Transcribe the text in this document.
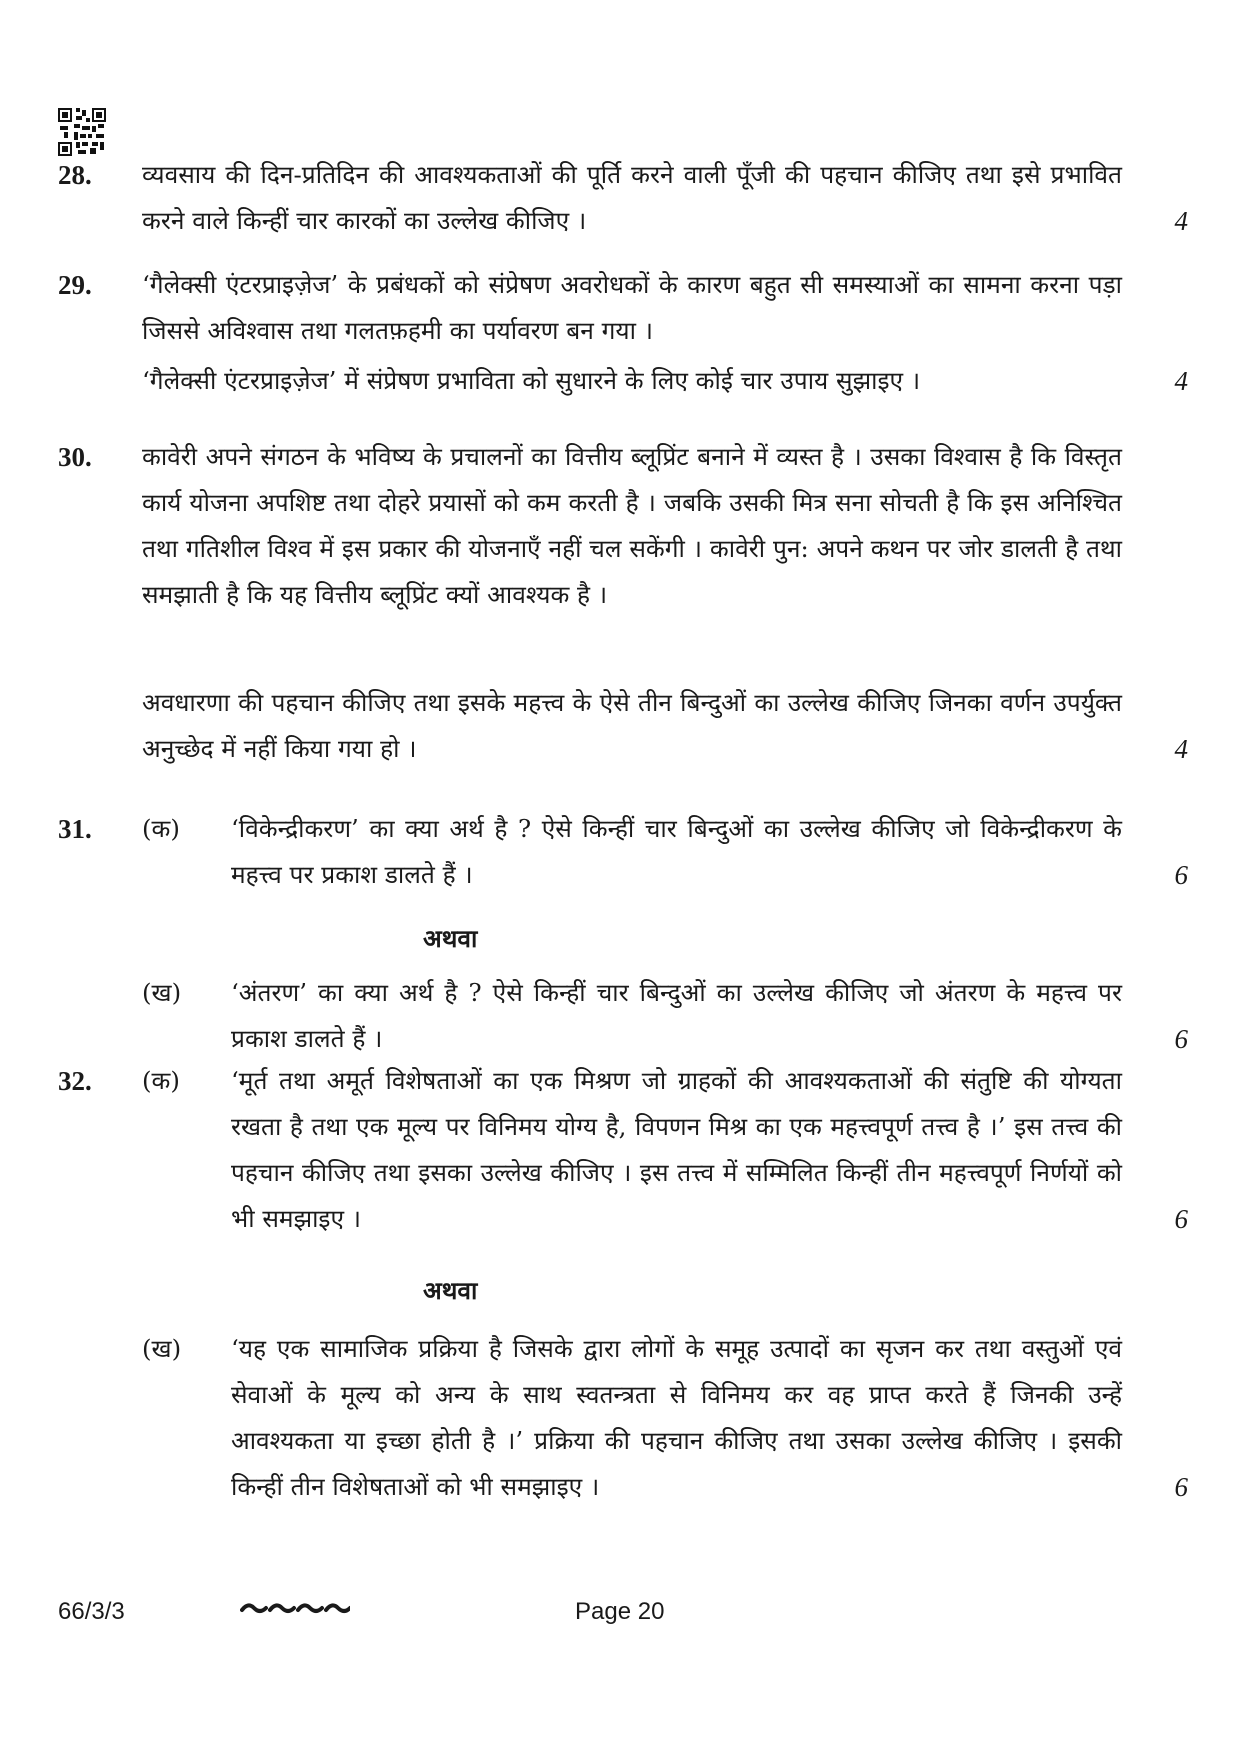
28. व्यवसाय की दिन-प्रतिदिन की आवश्यकताओं की पूर्ति करने वाली पूँजी की पहचान कीजिए तथा इसे प्रभावित करने वाले किन्हीं चार कारकों का उल्लेख कीजिए ।	4
29. ‘गैलेक्सी एंटरप्राइज़ेज’ के प्रबंधकों को संप्रेषण अवरोधकों के कारण बहुत सी समस्याओं का सामना करना पड़ा जिससे अविश्वास तथा गलतफ़हमी का पर्यावरण बन गया ।
‘गैलेक्सी एंटरप्राइज़ेज’ में संप्रेषण प्रभाविता को सुधारने के लिए कोई चार उपाय सुझाइए ।	4
30. कावेरी अपने संगठन के भविष्य के प्रचालनों का वित्तीय ब्लूप्रिंट बनाने में व्यस्त है । उसका विश्वास है कि विस्तृत कार्य योजना अपशिष्ट तथा दोहरे प्रयासों को कम करती है । जबकि उसकी मित्र सना सोचती है कि इस अनिश्चित तथा गतिशील विश्व में इस प्रकार की योजनाएँ नहीं चल सकेंगी । कावेरी पुन: अपने कथन पर जोर डालती है तथा समझाती है कि यह वित्तीय ब्लूप्रिंट क्यों आवश्यक है ।
अवधारणा की पहचान कीजिए तथा इसके महत्त्व के ऐसे तीन बिन्दुओं का उल्लेख कीजिए जिनका वर्णन उपर्युक्त अनुच्छेद में नहीं किया गया हो ।	4
31. (क) ‘विकेन्द्रीकरण’ का क्या अर्थ है ? ऐसे किन्हीं चार बिन्दुओं का उल्लेख कीजिए जो विकेन्द्रीकरण के महत्त्व पर प्रकाश डालते हैं ।	6
अथवा
(ख) ‘अंतरण’ का क्या अर्थ है ? ऐसे किन्हीं चार बिन्दुओं का उल्लेख कीजिए जो अंतरण के महत्त्व पर प्रकाश डालते हैं ।	6
32. (क) ‘मूर्त तथा अमूर्त विशेषताओं का एक मिश्रण जो ग्राहकों की आवश्यकताओं की संतुष्टि की योग्यता रखता है तथा एक मूल्य पर विनिमय योग्य है, विपणन मिश्र का एक महत्त्वपूर्ण तत्त्व है ।’ इस तत्त्व की पहचान कीजिए तथा इसका उल्लेख कीजिए । इस तत्त्व में सम्मिलित किन्हीं तीन महत्त्वपूर्ण निर्णयों को भी समझाइए ।	6
अथवा
(ख) ‘यह एक सामाजिक प्रक्रिया है जिसके द्वारा लोगों के समूह उत्पादों का सृजन कर तथा वस्तुओं एवं सेवाओं के मूल्य को अन्य के साथ स्वतन्त्रता से विनिमय कर वह प्राप्त करते हैं जिनकी उन्हें आवश्यकता या इच्छा होती है ।’ प्रक्रिया की पहचान कीजिए तथा उसका उल्लेख कीजिए । इसकी किन्हीं तीन विशेषताओं को भी समझाइए ।	6
66/3/3	Page 20
